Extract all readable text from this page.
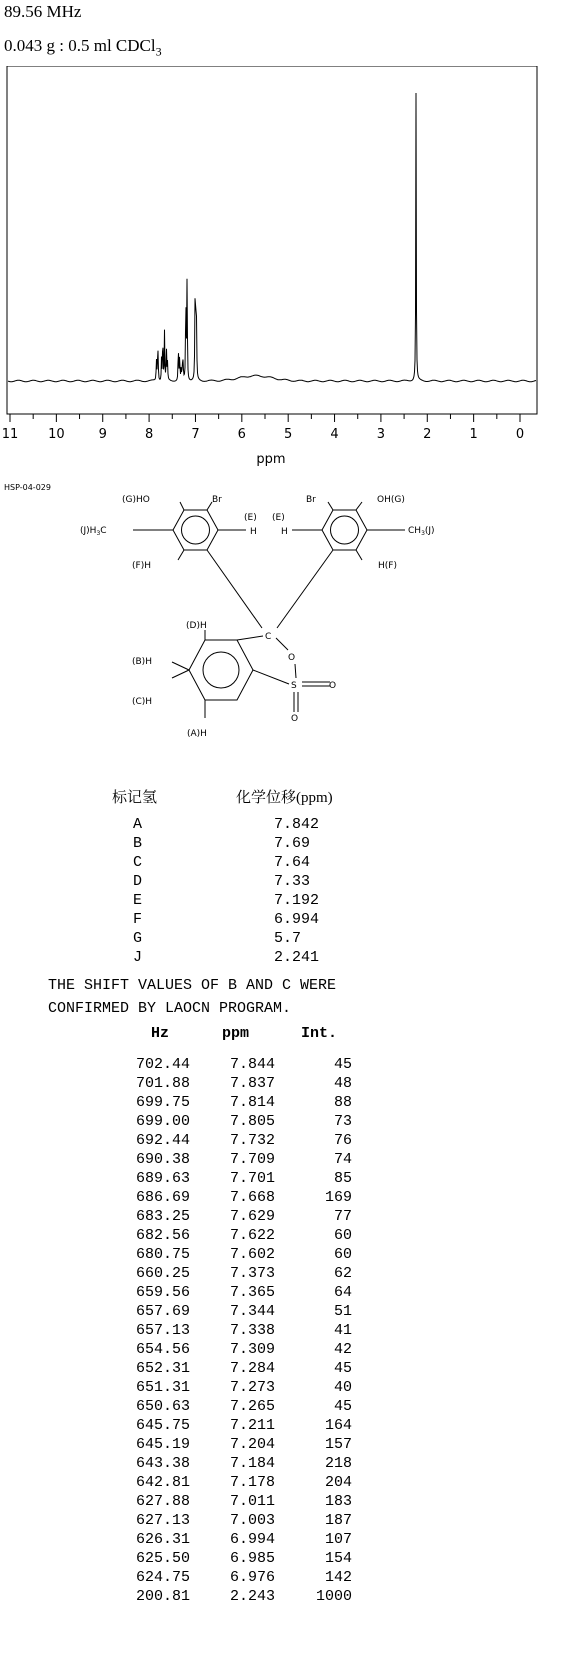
89.56 MHz
0.043 g : 0.5 ml CDCl$_3$
11 10	9	8	7	6	5	4	3	2	1	0
ppm
HSP-04-029
(G)HO	Br
$(J)H_3C$
(E)
H
(E)
H
Br	OH(G)
$CH_3(J)$
(F)H	H(F)
(D)H
(B)H
(C)H
(A)H
C
O
S	O
O
标记氢	化学位移(ppm)
A	7.842
B	7.69
C	7.64
D	7.33
E	7.192
F	6.994
G	5.7
J	2.241
THE SHIFT VALUES OF B AND C WERE
CONFIRMED BY LAOCN PROGRAM.
Hz	ppm	Int.
702.44	7.844	45
701.88	7.837	48
699.75	7.814	88
699.00	7.805	73
692.44	7.732	76
690.38	7.709	74
689.63	7.701	85
686.69	7.668	169
683.25	7.629	77
682.56	7.622	60
680.75	7.602	60
660.25	7.373	62
659.56	7.365	64
657.69	7.344	51
657.13	7.338	41
654.56	7.309	42
652.31	7.284	45
651.31	7.273	40
650.63	7.265	45
645.75	7.211	164
645.19	7.204	157
643.38	7.184	218
642.81	7.178	204
627.88	7.011	183
627.13	7.003	187
626.31	6.994	107
625.50	6.985	154
624.75	6.976	142
200.81	2.243	1000
